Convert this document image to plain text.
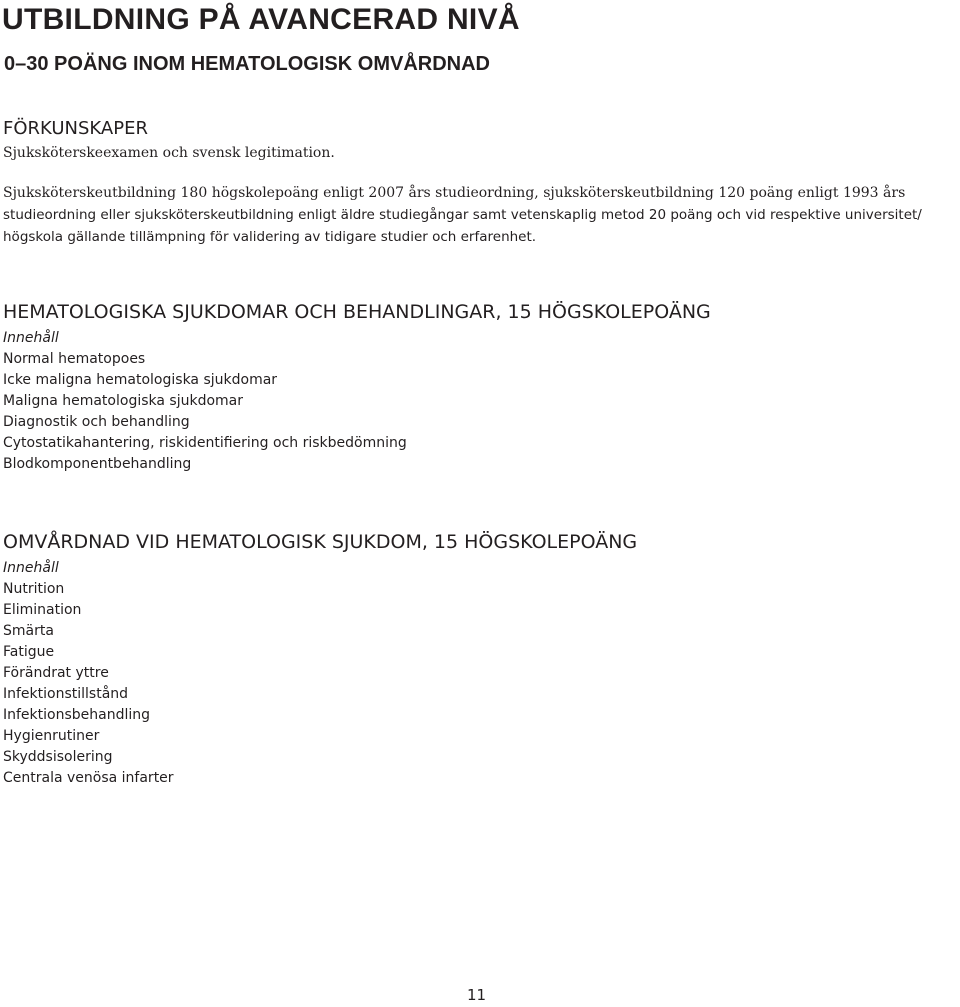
UTBILDNING PÅ AVANCERAD NIVÅ
0–30 POÄNG INOM HEMATOLOGISK OMVÅRDNAD
FÖRKUNSKAPER

Sjuksköterskeexamen och svensk legitimation.

Sjuksköterskeutbildning 180 högskolepoäng enligt 2007 års studieordning, sjuksköterskeutbildning 120 poäng enligt 1993 års studieordning eller sjuksköterskeutbildning enligt äldre studiegångar samt vetenskaplig metod 20 poäng och vid respektive universitet/ högskola gällande tillämpning för validering av tidigare studier och erfarenhet.

HEMATOLOGISKA SJUKDOMAR OCH BEHANDLINGAR, 15 HÖGSKOLEPOÄNG

Innehåll

Normal hematopoes
Icke maligna hematologiska sjukdomar
Maligna hematologiska sjukdomar
Diagnostik och behandling
Cytostatikahantering, riskidentifiering och riskbedömning
Blodkomponentbehandling
OMVÅRDNAD VID HEMATOLOGISK SJUKDOM, 15 HÖGSKOLEPOÄNG

Innehåll

Nutrition
Elimination
Smärta
Fatigue
Förändrat yttre
Infektionstillstånd
Infektionsbehandling
Hygienrutiner
Skyddsisolering
Centrala venösa infarter
11
